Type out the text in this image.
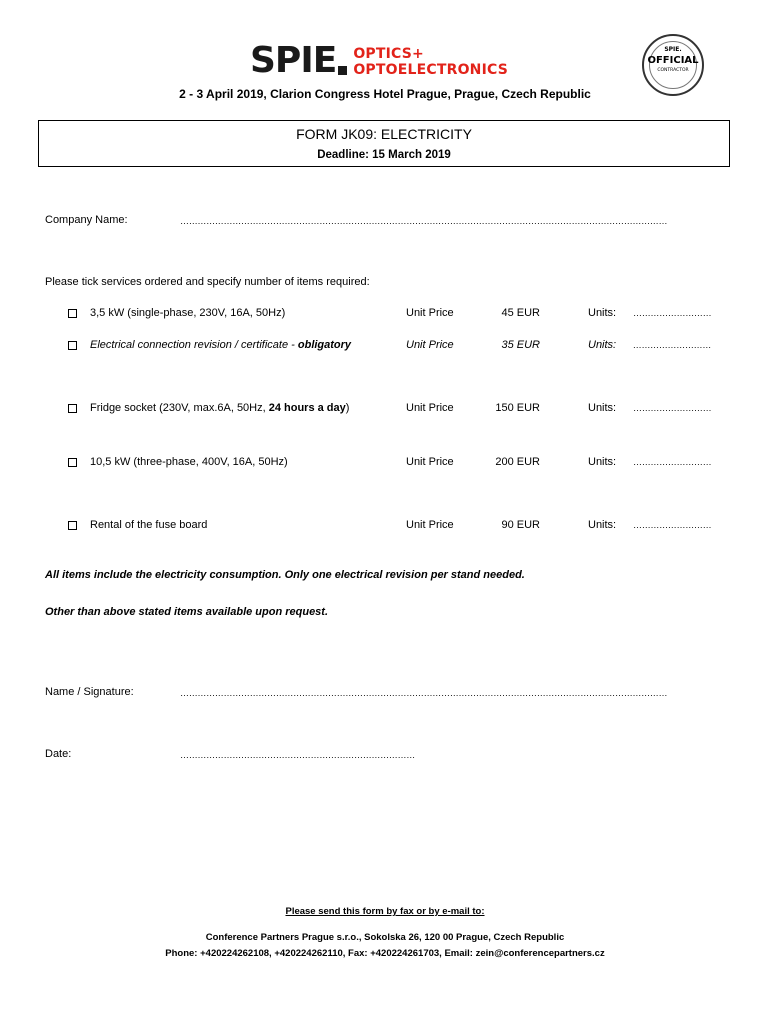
SPIE OPTICS+
OPTOELECTRONICS
SPIE.
OFFICIAL
CONTRACTOR
2 - 3 April 2019, Clarion Congress Hotel Prague, Prague, Czech Republic
FORM JK09: ELECTRICITY
Deadline: 15 March 2019
Company Name:	……………………………………………………………………………………………………………………………………………………
Please tick services ordered and specify number of items required:
3,5 kW (single-phase, 230V, 16A, 50Hz)	Unit Price	45 EUR	Units: ………………………
Electrical connection revision / certificate - obligatory	Unit Price	35 EUR	Units: ………………………
Fridge socket (230V, max.6A, 50Hz, 24 hours a day)	Unit Price	150 EUR	Units: ………………………
10,5 kW (three-phase, 400V, 16A, 50Hz)	Unit Price	200 EUR	Units: ………………………
Rental of the fuse board	Unit Price	90 EUR	Units: ………………………
All items include the electricity consumption. Only one electrical revision per stand needed.
Other than above stated items available upon request.
Name / Signature:	……………………………………………………………………………………………………………………………………………………
Date:	………………………………………………………………………
Please send this form by fax or by e-mail to:
Conference Partners Prague s.r.o., Sokolska 26, 120 00 Prague, Czech Republic
Phone: +420224262108, +420224262110, Fax: +420224261703, Email: zein@conferencepartners.cz
